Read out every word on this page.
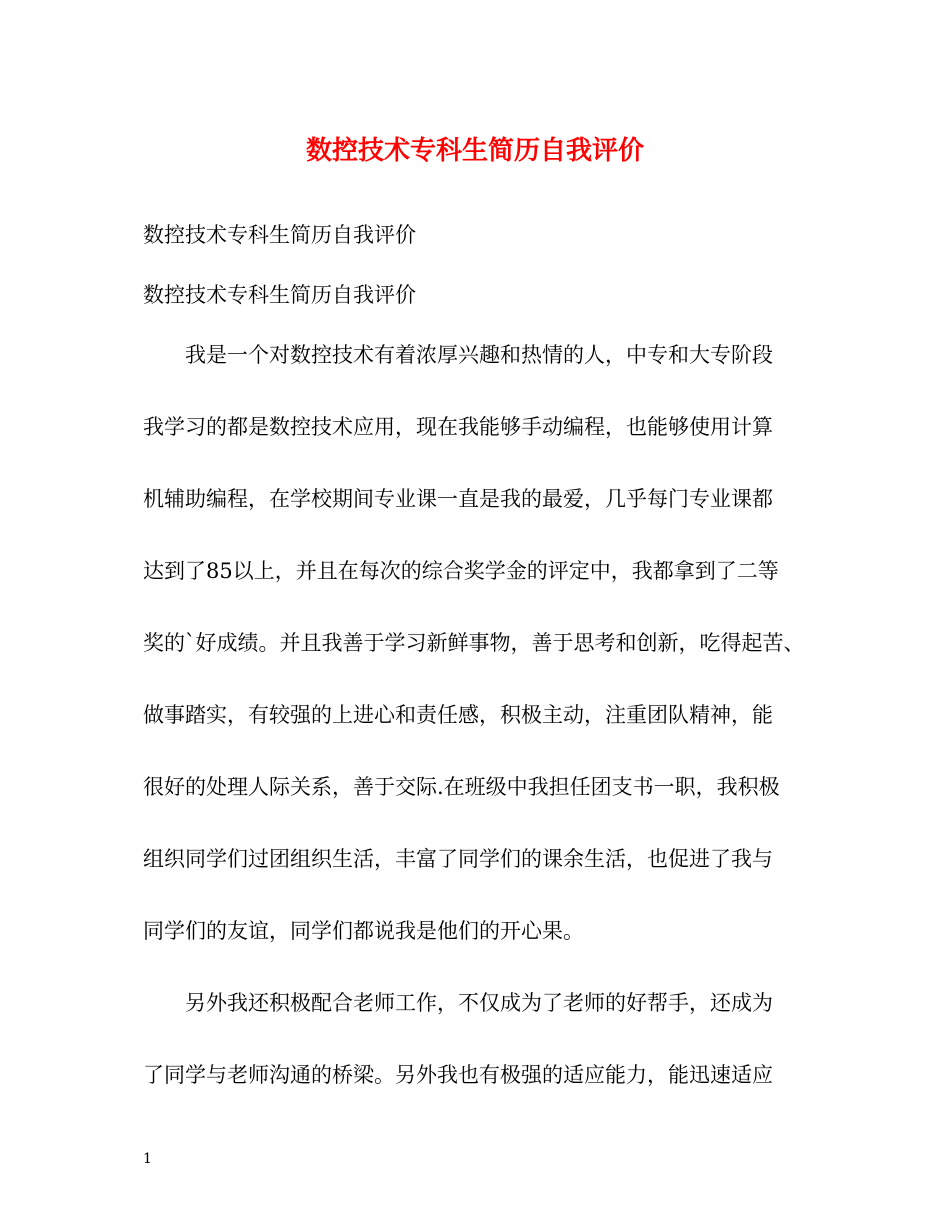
数控技术专科生简历自我评价

数控技术专科生简历自我评价

数控技术专科生简历自我评价

我是一个对数控技术有着浓厚兴趣和热情的人，中专和大专阶段

我学习的都是数控技术应用，现在我能够手动编程，也能够使用计算

机辅助编程，在学校期间专业课一直是我的最爱，几乎每门专业课都

达到了85以上，并且在每次的综合奖学金的评定中，我都拿到了二等

奖的`好成绩。并且我善于学习新鲜事物，善于思考和创新，吃得起苦、

做事踏实，有较强的上进心和责任感，积极主动，注重团队精神，能

很好的处理人际关系，善于交际.在班级中我担任团支书一职，我积极

组织同学们过团组织生活，丰富了同学们的课余生活，也促进了我与

同学们的友谊，同学们都说我是他们的开心果。

另外我还积极配合老师工作，不仅成为了老师的好帮手，还成为

了同学与老师沟通的桥梁。另外我也有极强的适应能力，能迅速适应

1
